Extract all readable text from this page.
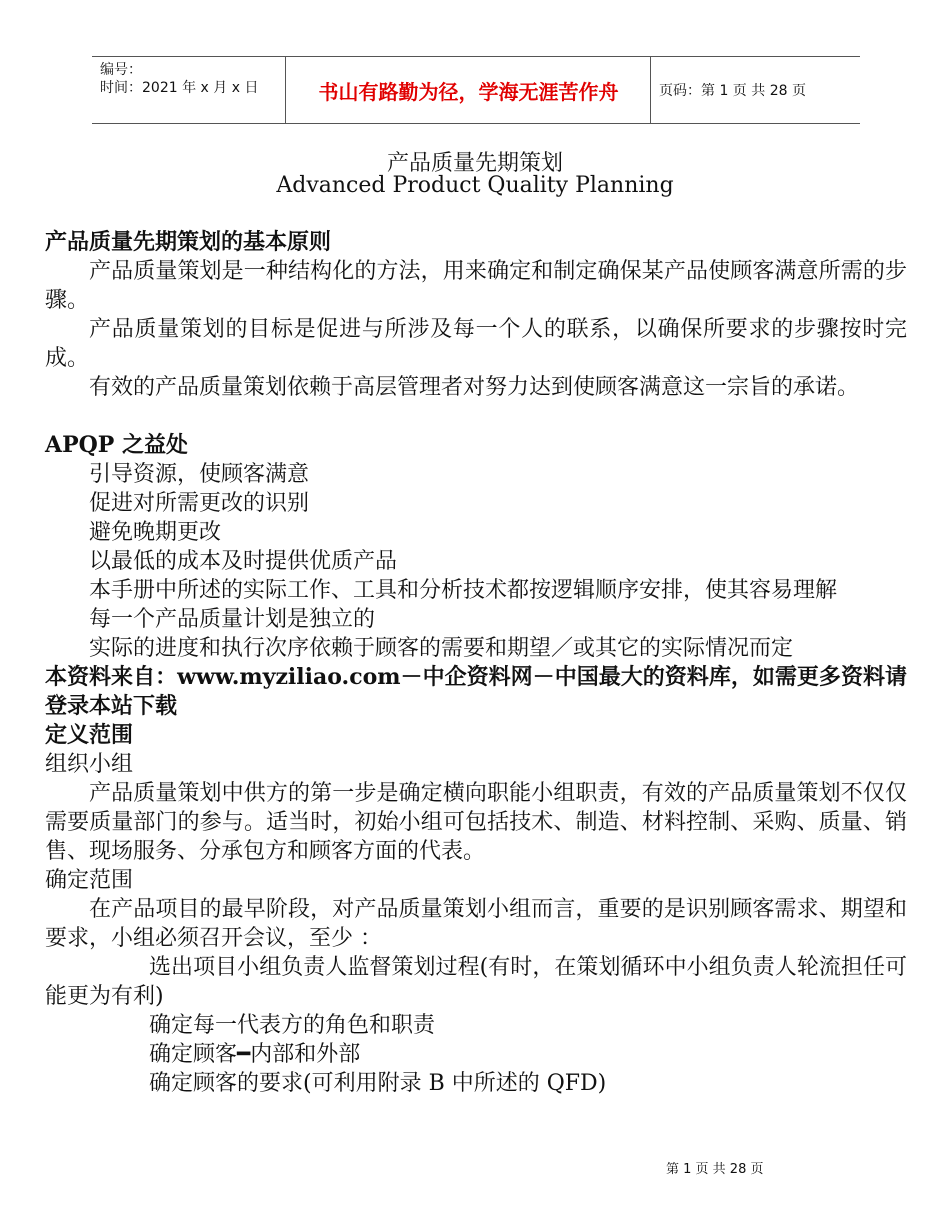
编号：
时间：2021 年 x 月 x 日	书山有路勤为径，学海无涯苦作舟	页码：第 1 页 共 28 页
产品质量先期策划
Advanced Product Quality Planning

产品质量先期策划的基本原则

产品质量策划是一种结构化的方法，用来确定和制定确保某产品使顾客满意所需的步骤。

产品质量策划的目标是促进与所涉及每一个人的联系，以确保所要求的步骤按时完成。

有效的产品质量策划依赖于高层管理者对努力达到使顾客满意这一宗旨的承诺。

APQP 之益处

引导资源，使顾客满意

促进对所需更改的识别

避免晚期更改

以最低的成本及时提供优质产品

本手册中所述的实际工作、工具和分析技术都按逻辑顺序安排，使其容易理解

每一个产品质量计划是独立的

实际的进度和执行次序依赖于顾客的需要和期望／或其它的实际情况而定

本资料来自：www.myziliao.com－中企资料网－中国最大的资料库，如需更多资料请登录本站下载

定义范围

组织小组

产品质量策划中供方的第一步是确定横向职能小组职责，有效的产品质量策划不仅仅需要质量部门的参与。适当时，初始小组可包括技术、制造、材料控制、采购、质量、销售、现场服务、分承包方和顾客方面的代表。

确定范围

在产品项目的最早阶段，对产品质量策划小组而言，重要的是识别顾客需求、期望和要求，小组必须召开会议，至少 ：

选出项目小组负责人监督策划过程(有时，在策划循环中小组负责人轮流担任可能更为有利)

确定每一代表方的角色和职责

确定顾客━内部和外部

确定顾客的要求(可利用附录 B 中所述的 QFD)

第 1 页 共 28 页
